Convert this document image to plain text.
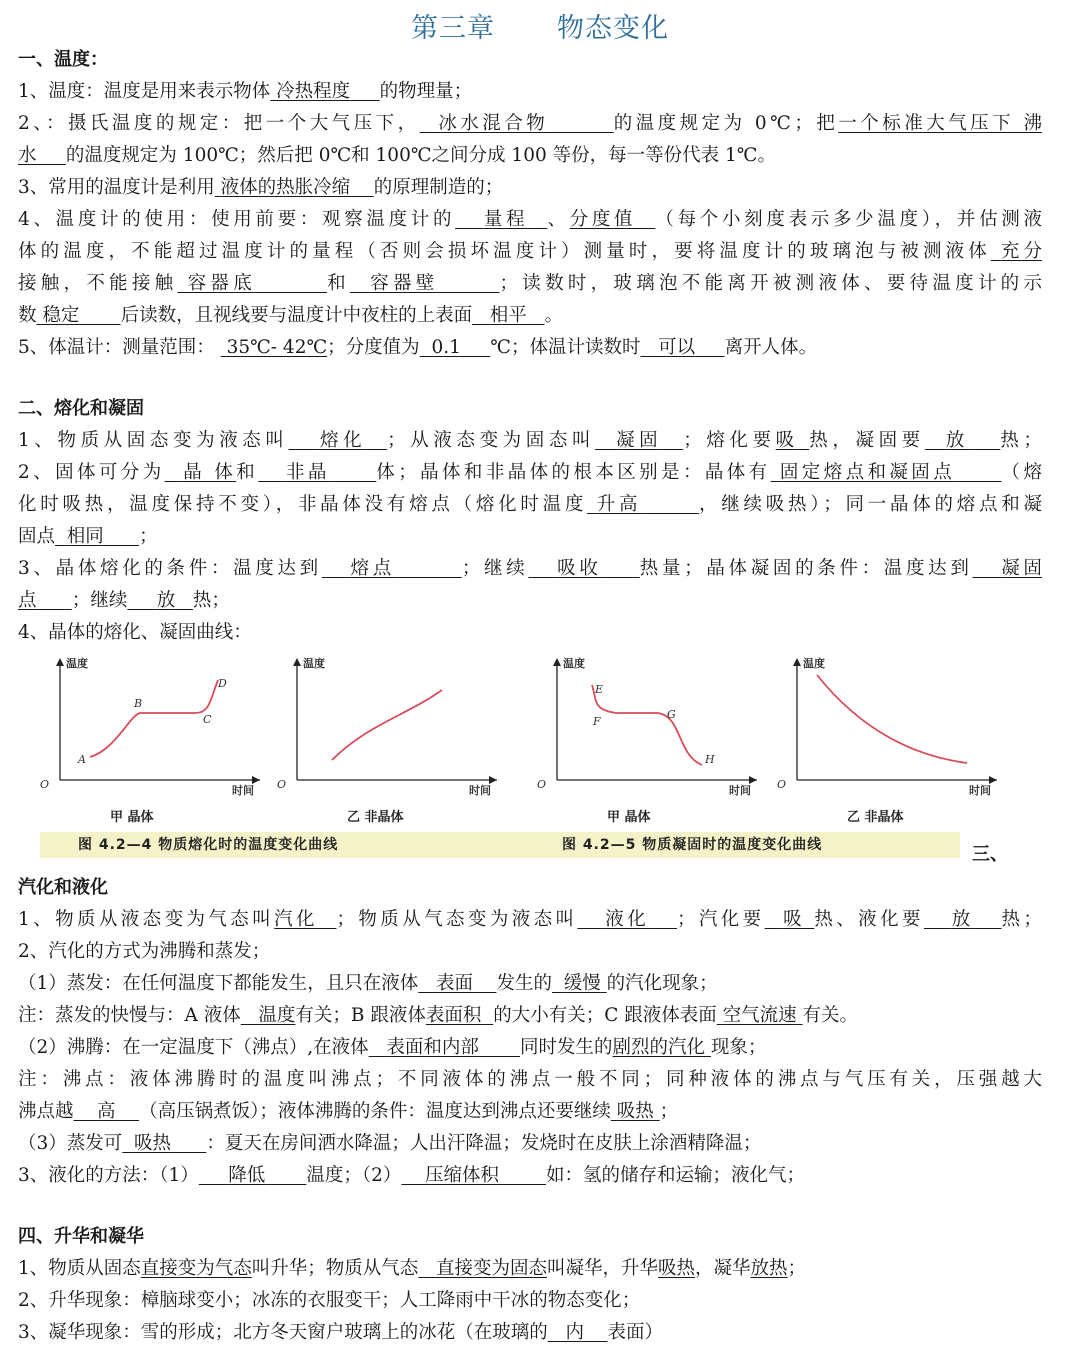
第三章 物态变化
一、温度：
1、温度：温度是用来表示物体​ 冷热程度 的物理量；
2、：摄氏温度的规定：把一个大气压下， 冰水混合物	的温度规定为 0℃；把一个标准大气压下 沸
水 的温度规定为 100℃；然后把 0℃和 100℃之间分成 100 等份，每一等份代表 1℃。
3、常用的温度计是利用 液体的热胀冷缩 的原理制造的；
4、温度计的使用：使用前要：观察温度计的 量程 、分度值 （每个小刻度表示多少温度），并估测液
体的温度，不能超过温度计的量程（否则会损坏温度计）测量时，要将温度计的玻璃泡与被测液体 充分
接触，不能接触 容器底	和 容器壁	；读数时，玻璃泡不能离开被测液体、要待温度计的示
数 稳定 后读数，且视线要与温度计中夜柱的上表面 相平 。
5、体温计：测量范围： 35℃- 42℃；分度值为 0.1 ℃；体温计读数时 可以 离开人体。
二、熔化和凝固
1、物质从固态变为液态叫 熔化 ；从液态变为固态叫 凝固 ；熔化要吸 热，凝固要 放 热；
2、固体可分为 晶 体和 非晶	体；晶体和非晶体的根本区别是：晶体有 固定熔点和凝固点	（熔
化时吸热，温度保持不变），非晶体没有熔点（熔化时温度 升高	，继续吸热）；同一晶体的熔点和凝
固点 相同 ；
3、晶体熔化的条件：温度达到 熔点	；继续 吸收 热量；晶体凝固的条件：温度达到 凝固
点 ；继续 放 热；
4、晶体的熔化、凝固曲线：
温度
时间
O
A
B
C
D
甲 晶体
温度
时间
O
乙 非晶体
温度
时间
O
E
F
G
H
甲 晶体
温度
时间
O
乙 非晶体
图 4.2—4 物质熔化时的温度变化曲线	图 4.2—5 物质凝固时的温度变化曲线	三、
汽化和液化
1、物质从液态变为气态叫汽化 ；物质从气态变为液态叫 液化 ；汽化要 吸 热、液化要 放 热；
2、汽化的方式为沸腾和蒸发；
（1）蒸发：在任何温度下都能发生，且只在液体 表面 发生的 缓慢 的汽化现象；
注：蒸发的快慢与：A 液体 温度有关；B 跟液体表面积 的大小有关；C 跟液体表面 空气流速 有关。
（2）沸腾：在一定温度下（沸点）,在液体 表面和内部 同时发生的剧烈的汽化 现象；
注：沸点：液体沸腾时的温度叫沸点；不同液体的沸点一般不同；同种液体的沸点与气压有关，压强越大
沸点越 高 （高压锅煮饭）；液体沸腾的条件：温度达到沸点还要继续 吸热 ；
（3）蒸发可 吸热 ：夏天在房间洒水降温；人出汗降温；发烧时在皮肤上涂酒精降温；
3、液化的方法：（1） 降低 温度；（2） 压缩体积	如：氢的储存和运输；液化气；
四、升华和凝华
1、物质从固态直接变为气态叫升华；物质从气态 直接变为固态叫凝华，升华吸热，凝华放热；
2、升华现象：樟脑球变小；冰冻的衣服变干；人工降雨中干冰的物态变化；
3、凝华现象：雪的形成；北方冬天窗户玻璃上的冰花（在玻璃的 内 表面）
